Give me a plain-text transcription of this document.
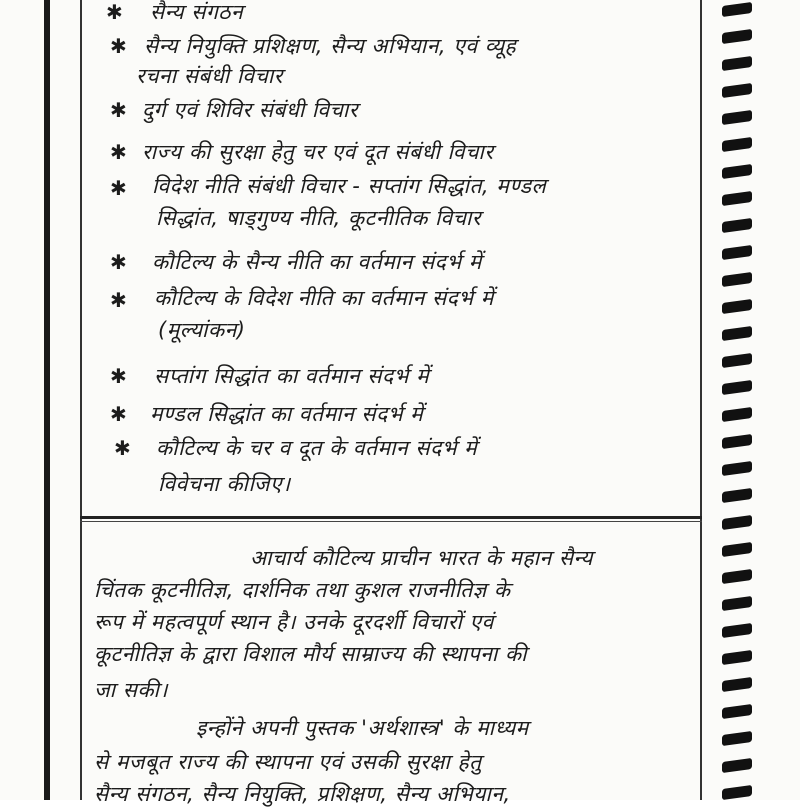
✱ सैन्य संगठन
✱ सैन्य नियुक्ति प्रशिक्षण, सैन्य अभियान, एवं व्यूह
रचना संबंधी विचार
✱ दुर्ग एवं शिविर संबंधी विचार
✱ राज्य की सुरक्षा हेतु चर एवं दूत संबंधी विचार
✱ विदेश नीति संबंधी विचार - सप्तांग सिद्धांत, मण्डल
सिद्धांत, षाड्गुण्य नीति, कूटनीतिक विचार
✱ कौटिल्य के सैन्य नीति का वर्तमान संदर्भ में
✱ कौटिल्य के विदेश नीति का वर्तमान संदर्भ में
(मूल्यांकन)
✱ सप्तांग सिद्धांत का वर्तमान संदर्भ में
✱ मण्डल सिद्धांत का वर्तमान संदर्भ में
✱ कौटिल्य के चर व दूत के वर्तमान संदर्भ में
विवेचना कीजिए।
आचार्य कौटिल्य प्राचीन भारत के महान सैन्य
चिंतक कूटनीतिज्ञ, दार्शनिक तथा कुशल राजनीतिज्ञ के
रूप में महत्वपूर्ण स्थान है। उनके दूरदर्शी विचारों एवं
कूटनीतिज्ञ के द्वारा विशाल मौर्य साम्राज्य की स्थापना की
जा सकी।
इन्होंने अपनी पुस्तक 'अर्थशास्त्र' के माध्यम
से मजबूत राज्य की स्थापना एवं उसकी सुरक्षा हेतु
सैन्य संगठन, सैन्य नियुक्ति, प्रशिक्षण, सैन्य अभियान,
